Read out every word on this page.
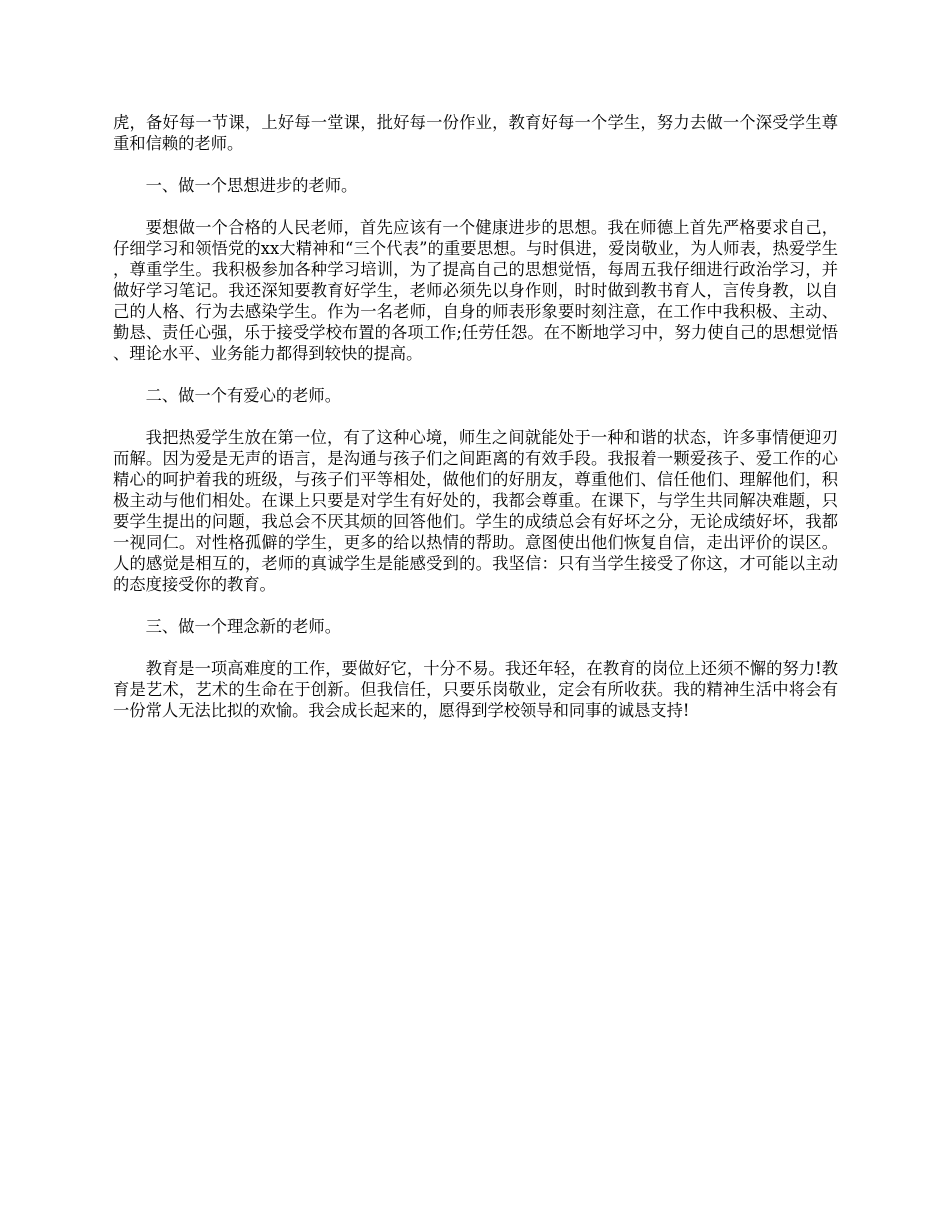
虎，备好每一节课，上好每一堂课，批好每一份作业，教育好每一个学生，努力去做一个深受学生尊重和信赖的老师。

一、做一个思想进步的老师。

要想做一个合格的人民老师，首先应该有一个健康进步的思想。我在师德上首先严格要求自己，仔细学习和领悟党的xx大精神和“三个代表”的重要思想。与时俱进，爱岗敬业，为人师表，热爱学生，尊重学生。我积极参加各种学习培训，为了提高自己的思想觉悟，每周五我仔细进行政治学习，并做好学习笔记。我还深知要教育好学生，老师必须先以身作则，时时做到教书育人，言传身教，以自己的人格、行为去感染学生。作为一名老师，自身的师表形象要时刻注意，在工作中我积极、主动、勤恳、责任心强，乐于接受学校布置的各项工作;任劳任怨。在不断地学习中，努力使自己的思想觉悟、理论水平、业务能力都得到较快的提高。

二、做一个有爱心的老师。

我把热爱学生放在第一位，有了这种心境，师生之间就能处于一种和谐的状态，许多事情便迎刃而解。因为爱是无声的语言，是沟通与孩子们之间距离的有效手段。我报着一颗爱孩子、爱工作的心精心的呵护着我的班级，与孩子们平等相处，做他们的好朋友，尊重他们、信任他们、理解他们，积极主动与他们相处。在课上只要是对学生有好处的，我都会尊重。在课下，与学生共同解决难题，只要学生提出的问题，我总会不厌其烦的回答他们。学生的成绩总会有好坏之分，无论成绩好坏，我都一视同仁。对性格孤僻的学生，更多的给以热情的帮助。意图使出他们恢复自信，走出评价的误区。人的感觉是相互的，老师的真诚学生是能感受到的。我坚信：只有当学生接受了你这，才可能以主动的态度接受你的教育。

三、做一个理念新的老师。

教育是一项高难度的工作，要做好它，十分不易。我还年轻，在教育的岗位上还须不懈的努力!教育是艺术，艺术的生命在于创新。但我信任，只要乐岗敬业，定会有所收获。我的精神生活中将会有一份常人无法比拟的欢愉。我会成长起来的，愿得到学校领导和同事的诚恳支持!
